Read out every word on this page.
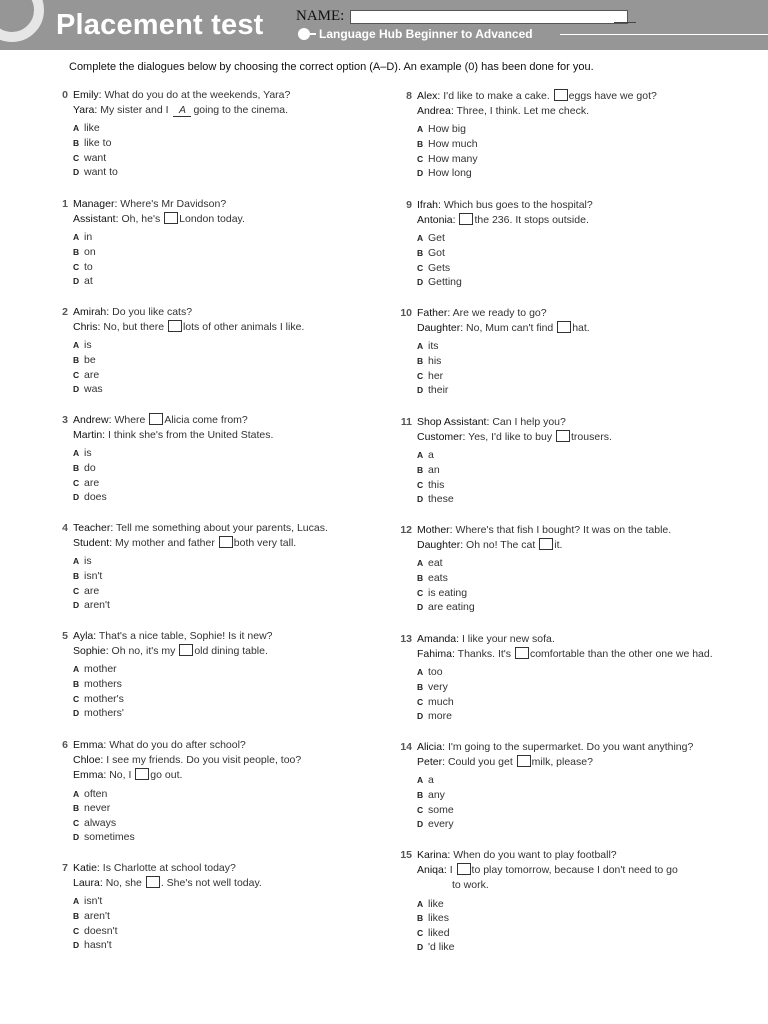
Placement test NAME:
Language Hub Beginner to Advanced

Complete the dialogues below by choosing the correct option (A–D). An example (0) has been done for you.

0 Emily: What do you do at the weekends, Yara?
Yara: My sister and I A going to the cinema.
A like
B like to
C want
D want to
1 Manager: Where's Mr Davidson?
Assistant: Oh, he's London today.
A in
B on
C to
D at
2 Amirah: Do you like cats?
Chris: No, but there lots of other animals I like.
A is
B be
C are
D was
3 Andrew: Where Alicia come from?
Martin: I think she's from the United States.
A is
B do
C are
D does
4 Teacher: Tell me something about your parents, Lucas.
Student: My mother and father both very tall.
A is
B isn't
C are
D aren't
5 Ayla: That's a nice table, Sophie! Is it new?
Sophie: Oh no, it's my old dining table.
A mother
B mothers
C mother's
D mothers'
6 Emma: What do you do after school?
Chloe: I see my friends. Do you visit people, too?
Emma: No, I go out.
A often
B never
C always
D sometimes
7 Katie: Is Charlotte at school today?
Laura: No, she . She's not well today.
A isn't
B aren't
C doesn't
D hasn't
8 Alex: I'd like to make a cake. eggs have we got?
Andrea: Three, I think. Let me check.
A How big
B How much
C How many
D How long
9 Ifrah: Which bus goes to the hospital?
Antonia: the 236. It stops outside.
A Get
B Got
C Gets
D Getting
10 Father: Are we ready to go?
Daughter: No, Mum can't find hat.
A its
B his
C her
D their
11 Shop Assistant: Can I help you?
Customer: Yes, I'd like to buy trousers.
A a
B an
C this
D these
12 Mother: Where's that fish I bought? It was on the table.
Daughter: Oh no! The cat it.
A eat
B eats
C is eating
D are eating
13 Amanda: I like your new sofa.
Fahima: Thanks. It's comfortable than the other one we had.
A too
B very
C much
D more
14 Alicia: I'm going to the supermarket. Do you want anything?
Peter: Could you get milk, please?
A a
B any
C some
D every
15 Karina: When do you want to play football?
Aniqa: I to play tomorrow, because I don't need to go
to work.
A like
B likes
C liked
D 'd like
